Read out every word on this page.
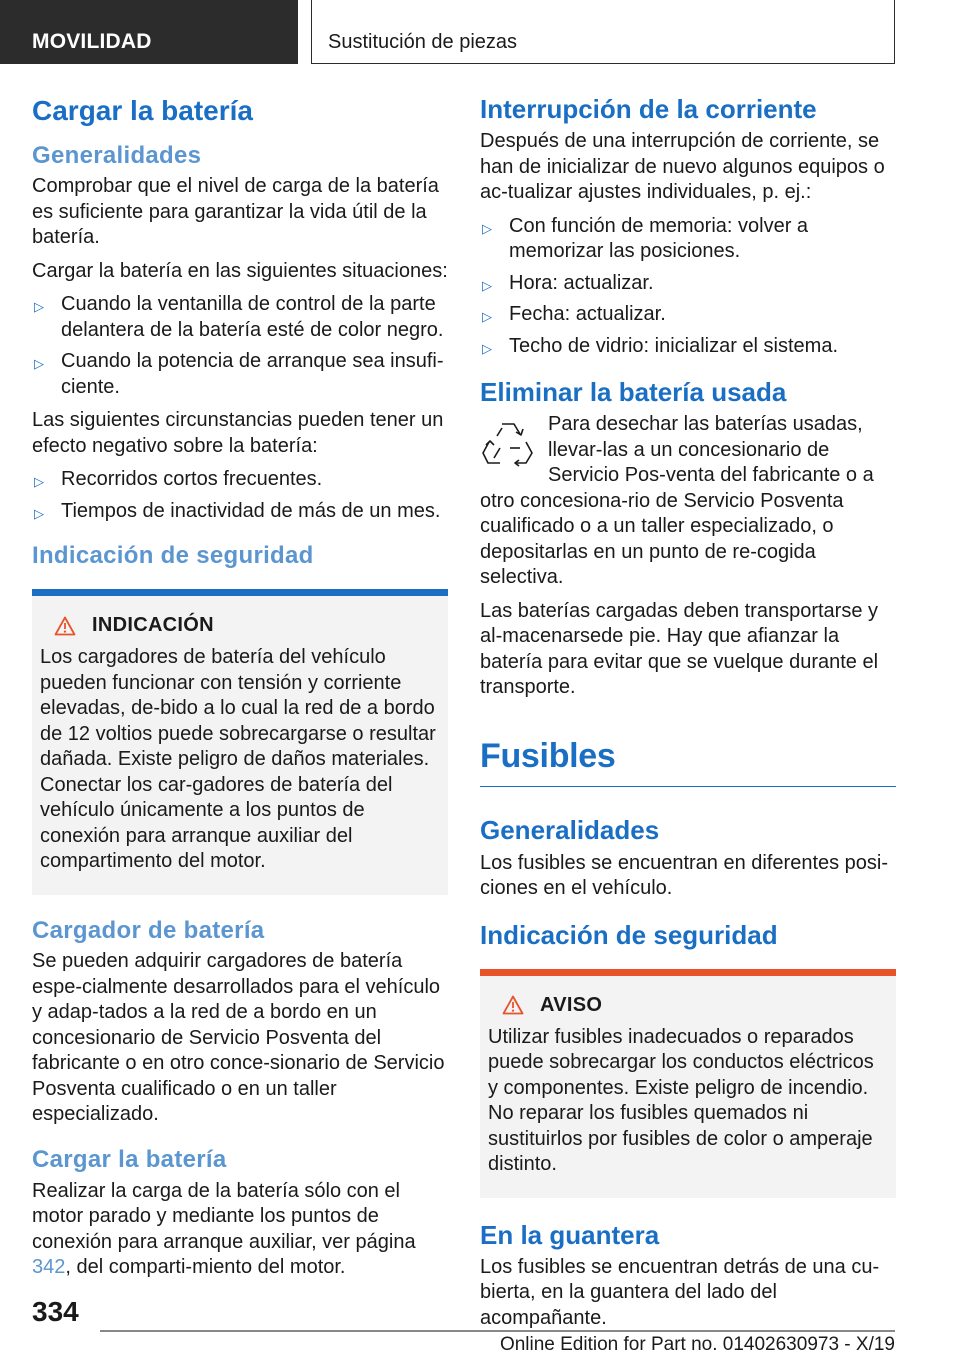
MOVILIDAD	Sustitución de piezas
Cargar la batería
Generalidades

Comprobar que el nivel de carga de la batería es suficiente para garantizar la vida útil de la batería.

Cargar la batería en las siguientes situaciones:

▷ Cuando la ventanilla de control de la parte delantera de la batería esté de color negro.
▷ Cuando la potencia de arranque sea insufi-ciente.

Las siguientes circunstancias pueden tener un efecto negativo sobre la batería:

▷ Recorridos cortos frecuentes.
▷ Tiempos de inactividad de más de un mes.
Indicación de seguridad
INDICACIÓN

Los cargadores de batería del vehículo pueden funcionar con tensión y corriente elevadas, de-bido a lo cual la red de a bordo de 12 voltios puede sobrecargarse o resultar dañada. Existe peligro de daños materiales. Conectar los car-gadores de batería del vehículo únicamente a los puntos de conexión para arranque auxiliar del compartimento del motor.

Cargador de batería

Se pueden adquirir cargadores de batería espe-cialmente desarrollados para el vehículo y adap-tados a la red de a bordo en un concesionario de Servicio Posventa del fabricante o en otro conce-sionario de Servicio Posventa cualificado o en un taller especializado.

Cargar la batería

Realizar la carga de la batería sólo con el motor parado y mediante los puntos de conexión para arranque auxiliar, ver página 342, del comparti-miento del motor.

Interrupción de la corriente

Después de una interrupción de corriente, se han de inicializar de nuevo algunos equipos o ac-tualizar ajustes individuales, p. ej.:

▷ Con función de memoria: volver a memorizar las posiciones.
▷ Hora: actualizar.
▷ Fecha: actualizar.
▷ Techo de vidrio: inicializar el sistema.
Eliminar la batería usada

Para desechar las baterías usadas, llevar-las a un concesionario de Servicio Pos-venta del fabricante o a otro concesiona-rio de Servicio Posventa cualificado o a un taller especializado, o depositarlas en un punto de re-cogida selectiva.

Las baterías cargadas deben transportarse y al-macenarsede pie. Hay que afianzar la batería para evitar que se vuelque durante el transporte.

Fusibles
Generalidades

Los fusibles se encuentran en diferentes posi-ciones en el vehículo.

Indicación de seguridad
AVISO

Utilizar fusibles inadecuados o reparados puede sobrecargar los conductos eléctricos y componentes. Existe peligro de incendio. No reparar los fusibles quemados ni sustituirlos por fusibles de color o amperaje distinto.

En la guantera

Los fusibles se encuentran detrás de una cu-bierta, en la guantera del lado del acompañante.

334
Online Edition for Part no. 01402630973 - X/19
